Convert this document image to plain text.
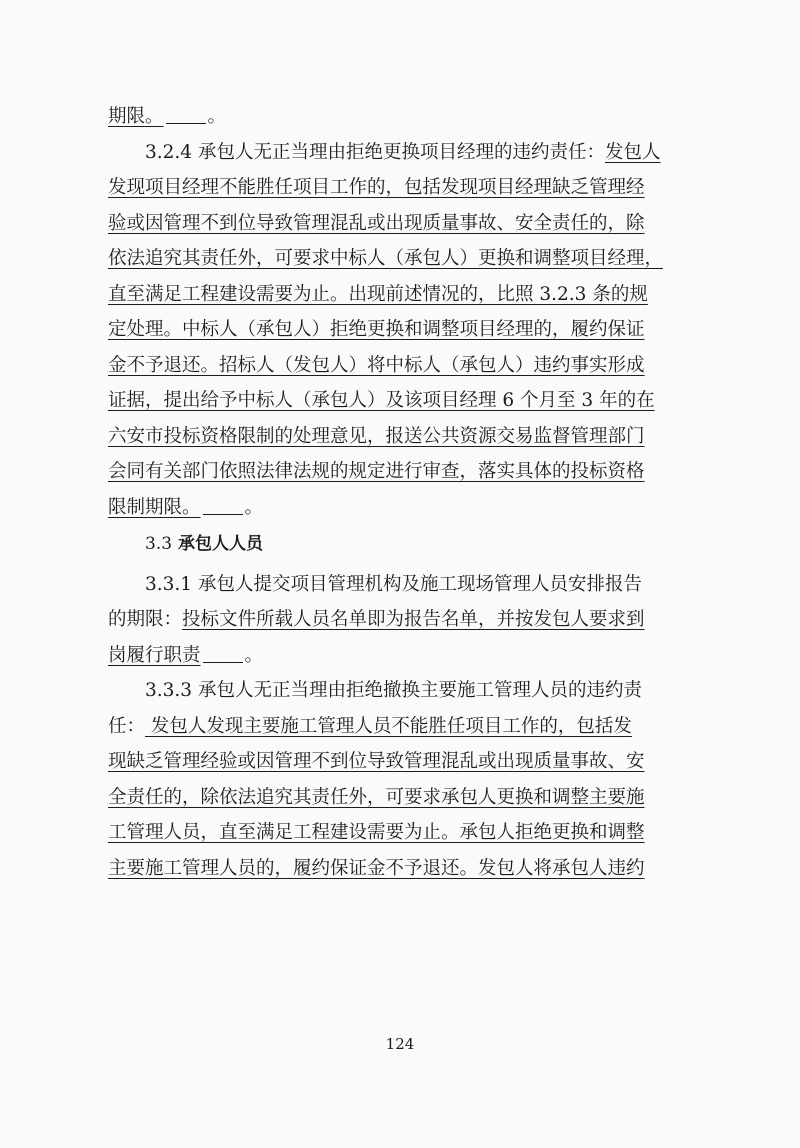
期限。 。
3.2.4 承包人无正当理由拒绝更换项目经理的违约责任：发包人
发现项目经理不能胜任项目工作的，包括发现项目经理缺乏管理经
验或因管理不到位导致管理混乱或出现质量事故、安全责任的，除
依法追究其责任外，可要求中标人（承包人）更换和调整项目经理，
直至满足工程建设需要为止。出现前述情况的，比照 3.2.3 条的规
定处理。中标人（承包人）拒绝更换和调整项目经理的，履约保证
金不予退还。招标人（发包人）将中标人（承包人）违约事实形成
证据，提出给予中标人（承包人）及该项目经理 6 个月至 3 年的在
六安市投标资格限制的处理意见，报送公共资源交易监督管理部门
会同有关部门依照法律法规的规定进行审查，落实具体的投标资格
限制期限。 。
3.3 承包人人员
3.3.1 承包人提交项目管理机构及施工现场管理人员安排报告
的期限：投标文件所载人员名单即为报告名单，并按发包人要求到
岗履行职责 。
3.3.3 承包人无正当理由拒绝撤换主要施工管理人员的违约责
任： 发包人发现主要施工管理人员不能胜任项目工作的，包括发
现缺乏管理经验或因管理不到位导致管理混乱或出现质量事故、安
全责任的，除依法追究其责任外，可要求承包人更换和调整主要施
工管理人员，直至满足工程建设需要为止。承包人拒绝更换和调整
主要施工管理人员的，履约保证金不予退还。发包人将承包人违约
124
